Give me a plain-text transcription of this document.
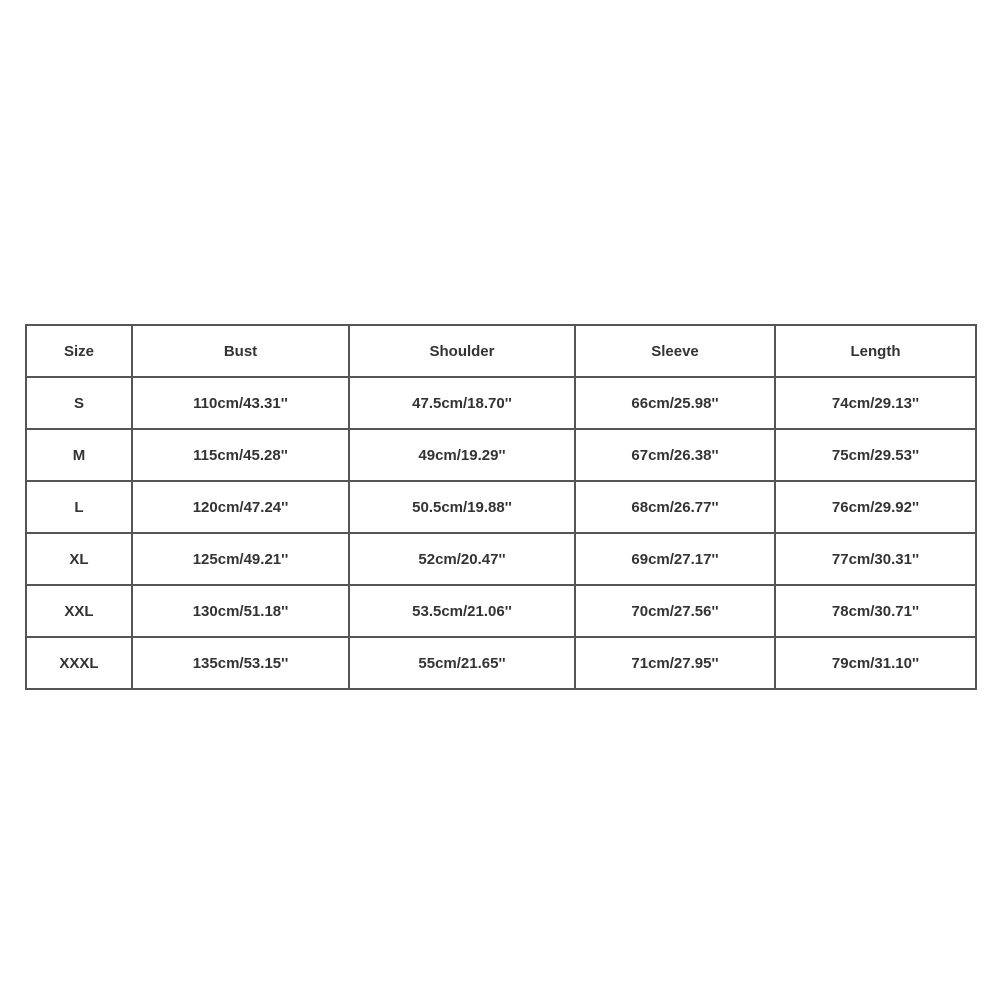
Size	Bust	Shoulder	Sleeve	Length
S	110cm/43.31''	47.5cm/18.70''	66cm/25.98''	74cm/29.13''
M	115cm/45.28''	49cm/19.29''	67cm/26.38''	75cm/29.53''
L	120cm/47.24''	50.5cm/19.88''	68cm/26.77''	76cm/29.92''
XL	125cm/49.21''	52cm/20.47''	69cm/27.17''	77cm/30.31''
XXL	130cm/51.18''	53.5cm/21.06''	70cm/27.56''	78cm/30.71''
XXXL	135cm/53.15''	55cm/21.65''	71cm/27.95''	79cm/31.10''
